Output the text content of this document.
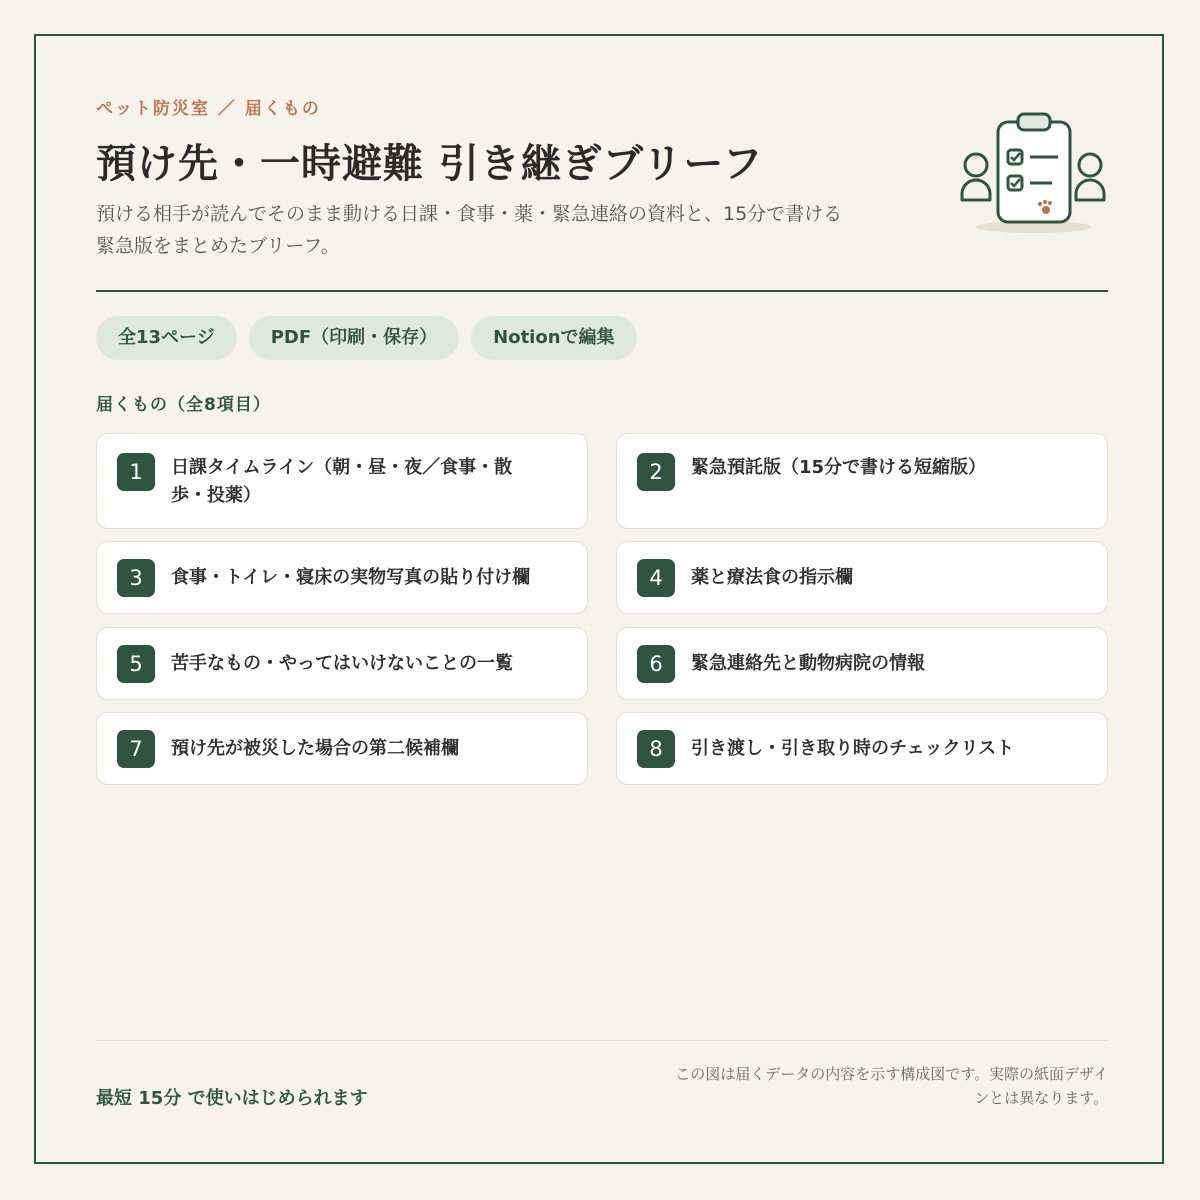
ペット防災室 ／ 届くもの
預け先・一時避難 引き継ぎブリーフ
預ける相手が読んでそのまま動ける日課・食事・薬・緊急連絡の資料と、15分で書ける
緊急版をまとめたブリーフ。
全13ページ	PDF（印刷・保存）	Notionで編集
届くもの（全8項目）
1	日課タイムライン（朝・昼・夜／食事・散歩・投薬）
2	緊急預託版（15分で書ける短縮版）
3	食事・トイレ・寝床の実物写真の貼り付け欄	4	薬と療法食の指示欄
5	苦手なもの・やってはいけないことの一覧	6	緊急連絡先と動物病院の情報
7	預け先が被災した場合の第二候補欄	8	引き渡し・引き取り時のチェックリスト
最短 15分 で使いはじめられます
この図は届くデータの内容を示す構成図です。実際の紙面デザイ
ンとは異なります。
